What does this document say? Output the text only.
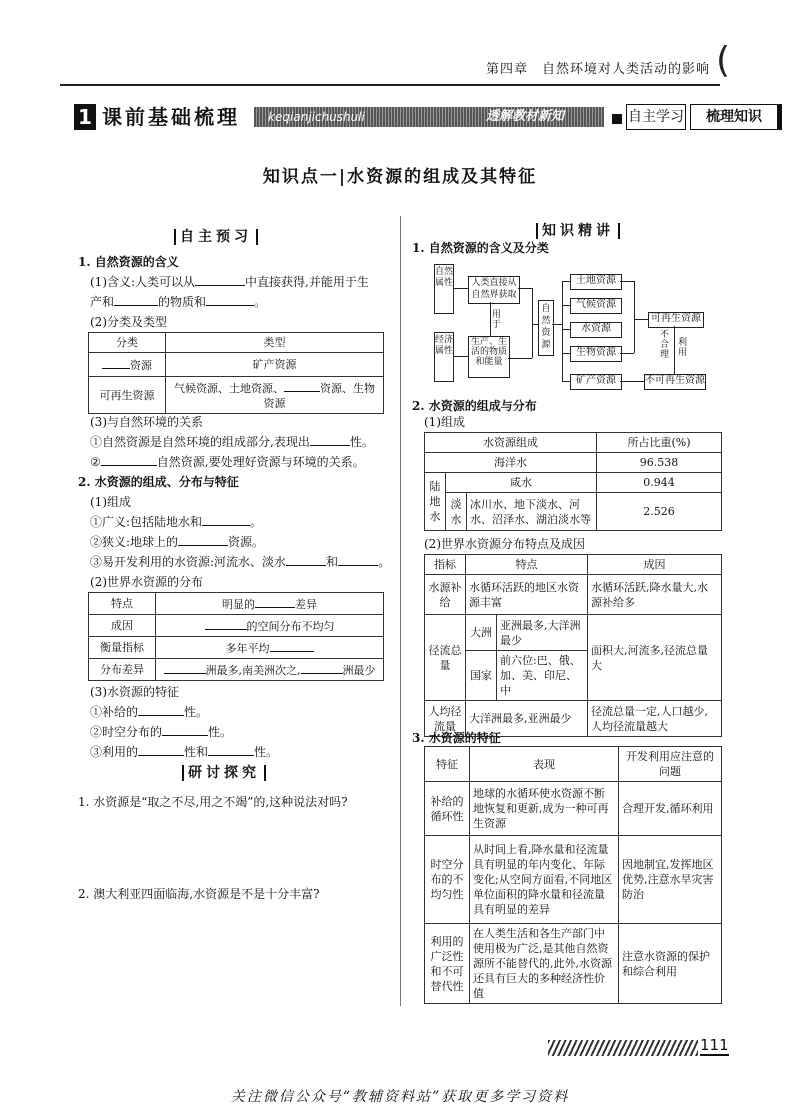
第四章　自然环境对人类活动的影响 (
1 课前基础梳理 keqianjichushuli	透解教材新知	自主学习	梳理知识
知识点一|水资源的组成及其特征
自主预习
1. 自然资源的含义
(1)含义:人类可以从	中直接获得,并能用于生
产和	的物质和	。
(2)分类及类型
分类	类型
资源	矿产资源
可再生资源	气候资源、土地资源、 资源、生物资源
(3)与自然环境的关系
①自然资源是自然环境的组成部分,表现出	性。
②	自然资源,要处理好资源与环境的关系。
2. 水资源的组成、分布与特征
(1)组成
①广义:包括陆地水和	。
②狭义:地球上的	资源。
③易开发利用的水资源:河流水、淡水	和	。
(2)世界水资源的分布
特点	明显的 差异
成因	的空间分布不均匀
衡量指标	多年平均
分布差异	洲最多,南美洲次之, 洲最少
(3)水资源的特征
①补给的	性。
②时空分布的	性。
③利用的	性和	性。
研讨探究
1. 水资源是“取之不尽,用之不竭”的,这种说法对吗?
2. 澳大利亚四面临海,水资源是不是十分丰富?
知识精讲
1. 自然资源的含义及分类
自然属性
经济属性
人类直接从自然界获取
用于
生产、生活的物质和能量
自然资源
土地资源
气候资源
水资源
生物资源
矿产资源
可再生资源
不可再生资源
不合理
利用
2. 水资源的组成与分布
(1)组成
水资源组成			所占比重(%)
海洋水			96.538
陆地水	咸水		0.944
	淡水	冰川水、地下淡水、河水、沼泽水、湖泊淡水等	2.526
(2)世界水资源分布特点及成因
指标	特点		成因
水源补给	水循环活跃的地区水资源丰富		水循环活跃,降水量大,水源补给多
径流总量	大洲	亚洲最多,大洋洲最少	面积大,河流多,径流总量大
	国家	前六位:巴、俄、加、美、印尼、中	
人均径流量	大洋洲最多,亚洲最少		径流总量一定,人口越少,人均径流量越大
3. 水资源的特征
特征	表现	开发利用应注意的问题
补给的循环性	地球的水循环使水资源不断地恢复和更新,成为一种可再生资源	合理开发,循环利用
时空分布的不均匀性	从时间上看,降水量和径流量具有明显的年内变化、年际变化;从空间方面看,不同地区单位面积的降水量和径流量具有明显的差异	因地制宜,发挥地区优势,注意水旱灾害防治
利用的广泛性和不可替代性	在人类生活和各生产部门中使用极为广泛,是其他自然资源所不能替代的,此外,水资源还具有巨大的多种经济性价值	注意水资源的保护和综合利用
111
关注微信公众号“教辅资料站”获取更多学习资料
